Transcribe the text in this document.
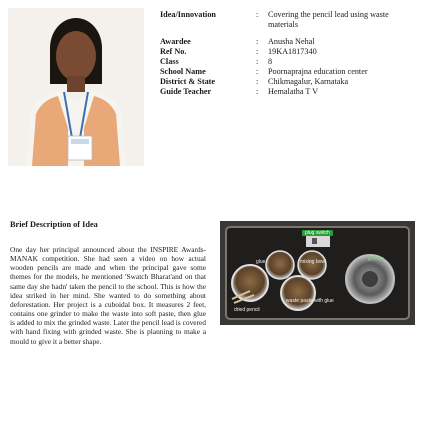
Idea/Innovation	:	Covering the pencil lead using waste materials
Awardee	:	Anusha Nehal
Ref No.	:	19KA1817340
Class	:	8
School Name	:	Poornaprajna education center
District & State	:	Chikmagalur, Karnataka
Guide Teacher	:	Hemalatha T V
Brief Description of Idea
One day her principal announced about the INSPIRE Awards-MANAK competition. She had seen a video on how actual wooden pencils are made and when the principal gave some themes for the models, he mentioned 'Swatch Bharat'and on that same day she hadn' taken the pencil to the school. This is how the idea striked in her mind. She wanted to do something about deforestation. Her project is a cuboidal box. It measures 2 feet, contains one grinder to make the waste into soft paste, then glue is added to mix the grinded waste. Later the pencil lead is covered with hand fixing with grinded waste. She is planning to make a mould to give it a better shape.
plug switch
grinder
mixing bowl
glue
dried pencil
waste paste with glue
